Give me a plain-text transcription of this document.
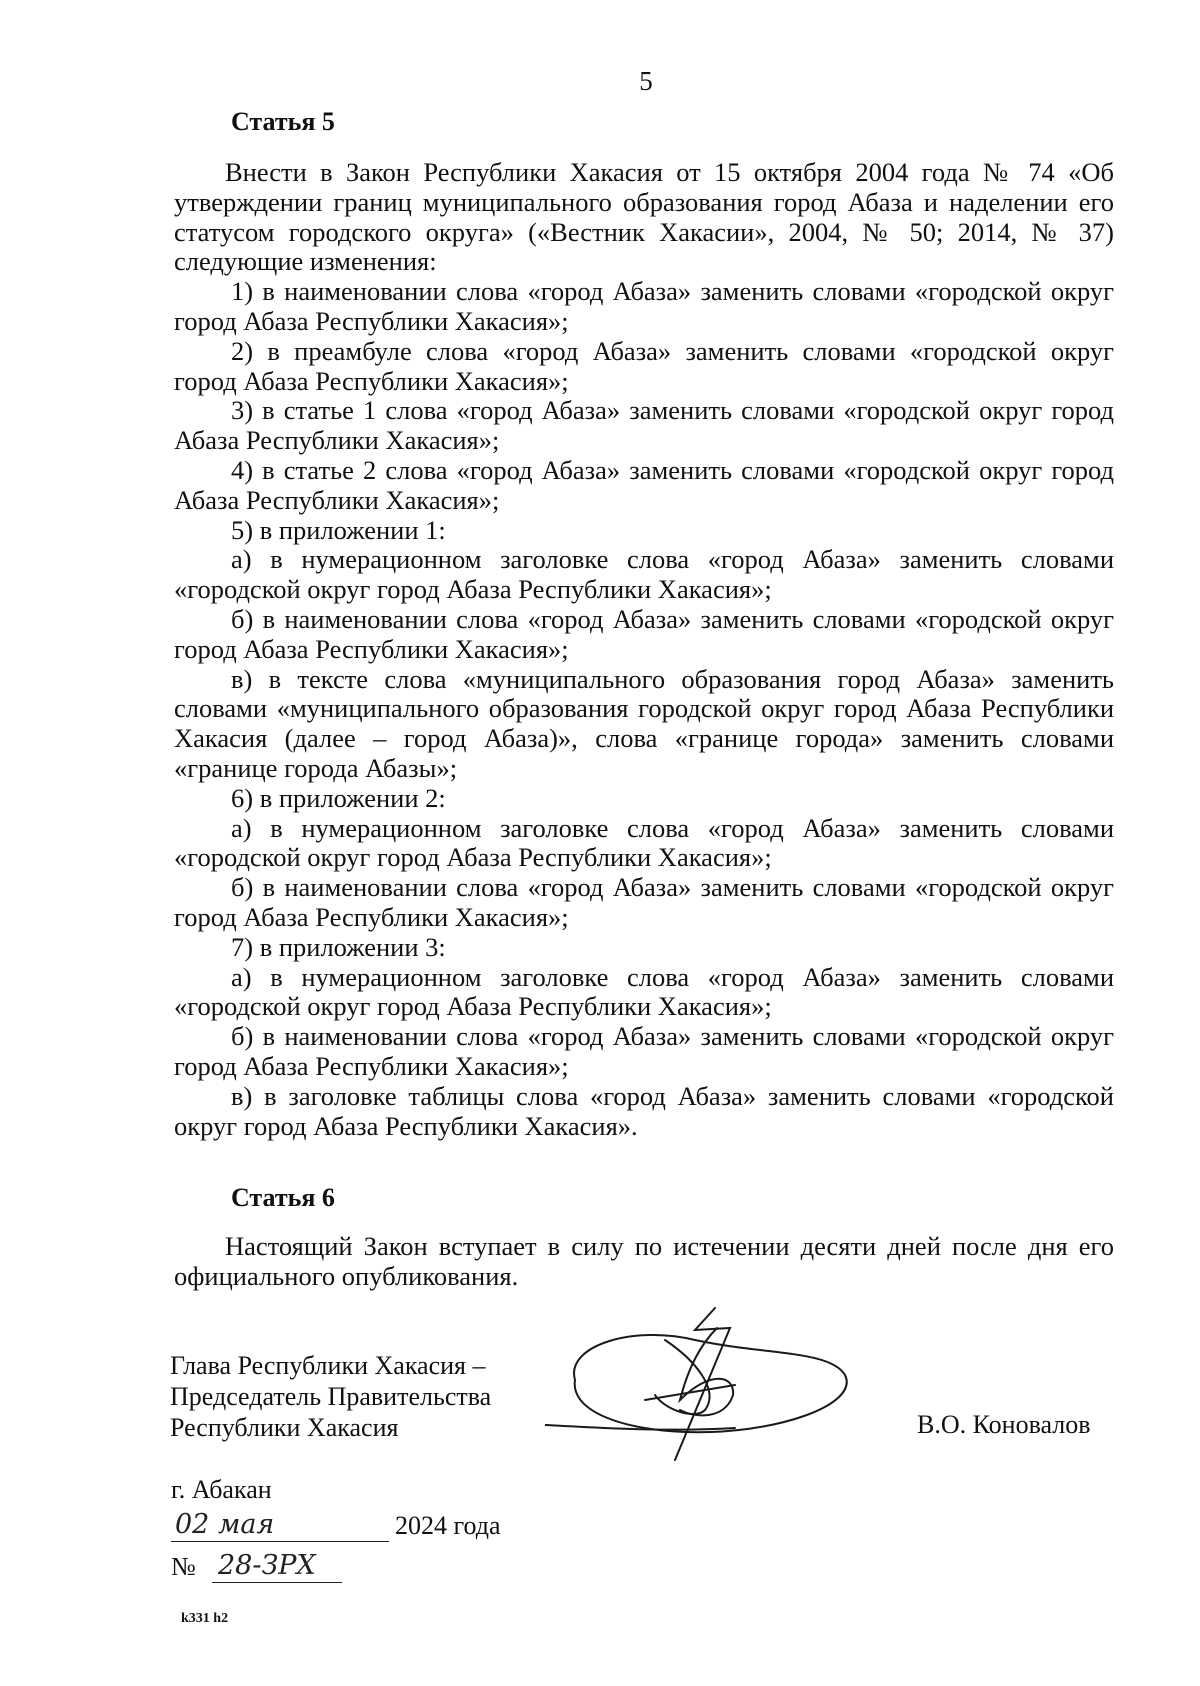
5
Статья 5

Внести в Закон Республики Хакасия от 15 октября 2004 года № 74 «Об утверждении границ муниципального образования город Абаза и наделении его статусом городского округа» («Вестник Хакасии», 2004, № 50; 2014, № 37) следующие изменения:

1) в наименовании слова «город Абаза» заменить словами «городской округ город Абаза Республики Хакасия»;

2) в преамбуле слова «город Абаза» заменить словами «городской округ город Абаза Республики Хакасия»;

3) в статье 1 слова «город Абаза» заменить словами «городской округ город Абаза Республики Хакасия»;

4) в статье 2 слова «город Абаза» заменить словами «городской округ город Абаза Республики Хакасия»;

5) в приложении 1:

а) в нумерационном заголовке слова «город Абаза» заменить словами «городской округ город Абаза Республики Хакасия»;

б) в наименовании слова «город Абаза» заменить словами «городской округ город Абаза Республики Хакасия»;

в) в тексте слова «муниципального образования город Абаза» заменить словами «муниципального образования городской округ город Абаза Республики Хакасия (далее – город Абаза)», слова «границе города» заменить словами «границе города Абазы»;

6) в приложении 2:

а) в нумерационном заголовке слова «город Абаза» заменить словами «городской округ город Абаза Республики Хакасия»;

б) в наименовании слова «город Абаза» заменить словами «городской округ город Абаза Республики Хакасия»;

7) в приложении 3:

а) в нумерационном заголовке слова «город Абаза» заменить словами «городской округ город Абаза Республики Хакасия»;

б) в наименовании слова «город Абаза» заменить словами «городской округ город Абаза Республики Хакасия»;

в) в заголовке таблицы слова «город Абаза» заменить словами «городской округ город Абаза Республики Хакасия».

Статья 6

Настоящий Закон вступает в силу по истечении десяти дней после дня его официального опубликования.

Глава Республики Хакасия –
Председатель Правительства
Республики Хакасия	В.О. Коновалов
г. Абакан
02 мая	2024 года
№ 28-ЗРХ
k331 h2
